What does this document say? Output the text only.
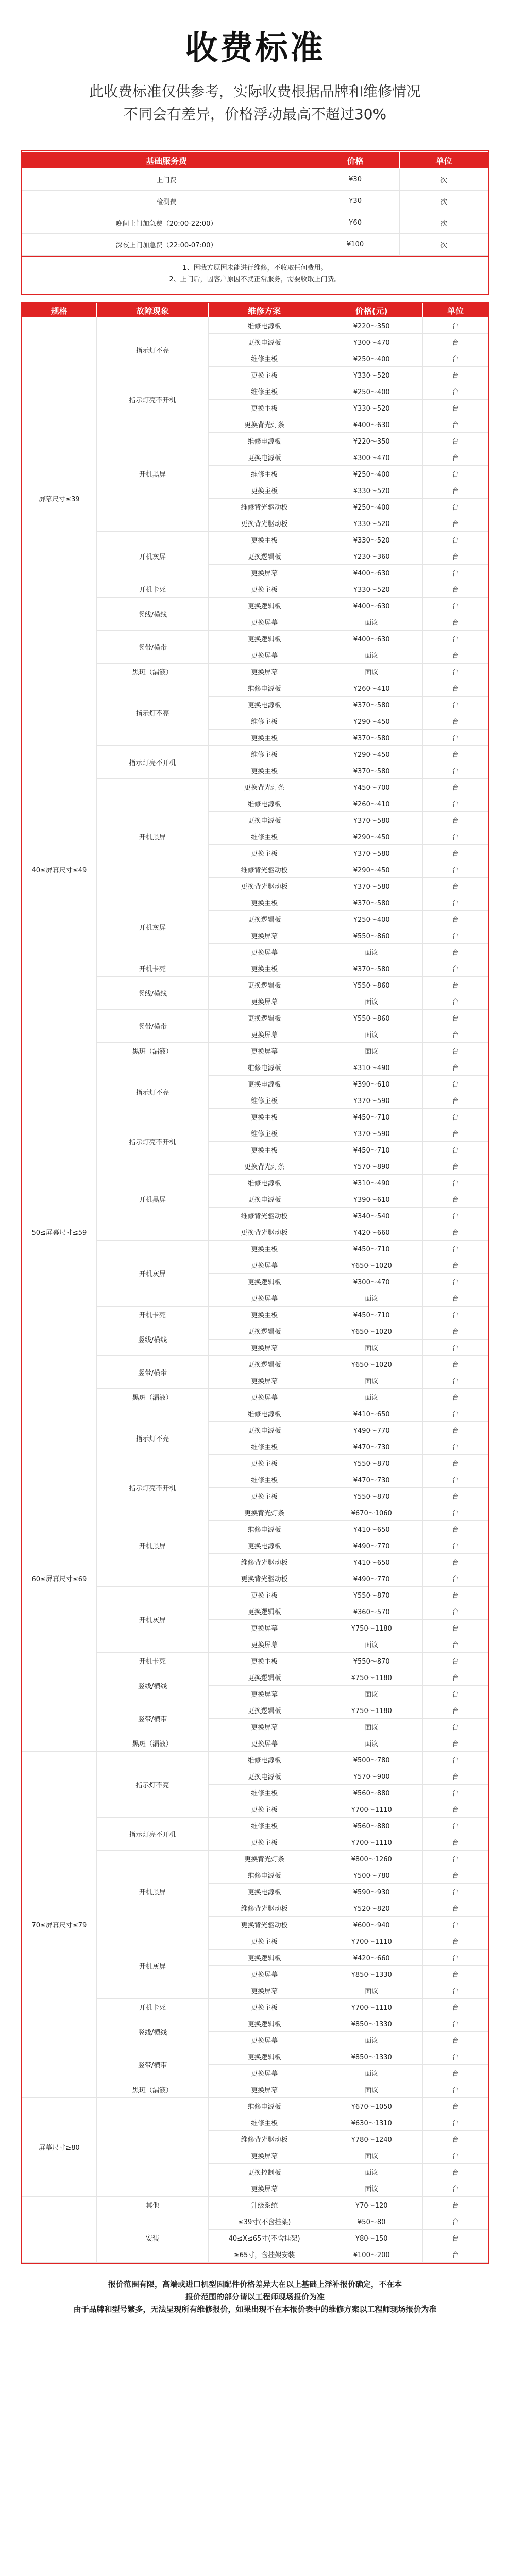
收费标准
此收费标准仅供参考，实际收费根据品牌和维修情况
不同会有差异，价格浮动最高不超过30%
基础服务费	价格	单位
上门费	¥30	次
检测费	¥30	次
晚间上门加急费（20:00-22:00）	¥60	次
深夜上门加急费（22:00-07:00）	¥100	次
1、因我方原因未能进行维修，不收取任何费用。
2、上门后，因客户原因不就正常服务，需要收取上门费。
规格	故障现象	维修方案	价格(元)	单位
屏幕尺寸≤39	指示灯不亮	维修电源板	¥220～350	台
		更换电源板	¥300～470	台
		维修主板	¥250～400	台
		更换主板	¥330～520	台
	指示灯亮不开机	维修主板	¥250～400	台
		更换主板	¥330～520	台
	开机黑屏	更换背光灯条	¥400～630	台
		维修电源板	¥220～350	台
		更换电源板	¥300～470	台
		维修主板	¥250～400	台
		更换主板	¥330～520	台
		维修背光驱动板	¥250～400	台
		更换背光驱动板	¥330～520	台
	开机灰屏	更换主板	¥330～520	台
		更换逻辑板	¥230～360	台
		更换屏幕	¥400～630	台
	开机卡死	更换主板	¥330～520	台
	竖线/横线	更换逻辑板	¥400～630	台
		更换屏幕	面议	台
	竖带/横带	更换逻辑板	¥400～630	台
		更换屏幕	面议	台
	黑斑（漏液）	更换屏幕	面议	台
40≤屏幕尺寸≤49	指示灯不亮	维修电源板	¥260～410	台
		更换电源板	¥370～580	台
		维修主板	¥290～450	台
		更换主板	¥370～580	台
	指示灯亮不开机	维修主板	¥290～450	台
		更换主板	¥370～580	台
	开机黑屏	更换背光灯条	¥450～700	台
		维修电源板	¥260～410	台
		更换电源板	¥370～580	台
		维修主板	¥290～450	台
		更换主板	¥370～580	台
		维修背光驱动板	¥290～450	台
		更换背光驱动板	¥370～580	台
	开机灰屏	更换主板	¥370～580	台
		更换逻辑板	¥250～400	台
		更换屏幕	¥550～860	台
		更换屏幕	面议	台
	开机卡死	更换主板	¥370～580	台
	竖线/横线	更换逻辑板	¥550～860	台
		更换屏幕	面议	台
	竖带/横带	更换逻辑板	¥550～860	台
		更换屏幕	面议	台
	黑斑（漏液）	更换屏幕	面议	台
50≤屏幕尺寸≤59	指示灯不亮	维修电源板	¥310～490	台
		更换电源板	¥390～610	台
		维修主板	¥370～590	台
		更换主板	¥450～710	台
	指示灯亮不开机	维修主板	¥370～590	台
		更换主板	¥450～710	台
	开机黑屏	更换背光灯条	¥570～890	台
		维修电源板	¥310～490	台
		更换电源板	¥390～610	台
		维修背光驱动板	¥340～540	台
		更换背光驱动板	¥420～660	台
	开机灰屏	更换主板	¥450～710	台
		更换屏幕	¥650～1020	台
		更换逻辑板	¥300～470	台
		更换屏幕	面议	台
	开机卡死	更换主板	¥450～710	台
	竖线/横线	更换逻辑板	¥650～1020	台
		更换屏幕	面议	台
	竖带/横带	更换逻辑板	¥650～1020	台
		更换屏幕	面议	台
	黑斑（漏液）	更换屏幕	面议	台
60≤屏幕尺寸≤69	指示灯不亮	维修电源板	¥410～650	台
		更换电源板	¥490～770	台
		维修主板	¥470～730	台
		更换主板	¥550～870	台
	指示灯亮不开机	维修主板	¥470～730	台
		更换主板	¥550～870	台
	开机黑屏	更换背光灯条	¥670～1060	台
		维修电源板	¥410～650	台
		更换电源板	¥490～770	台
		维修背光驱动板	¥410～650	台
		更换背光驱动板	¥490～770	台
	开机灰屏	更换主板	¥550～870	台
		更换逻辑板	¥360～570	台
		更换屏幕	¥750～1180	台
		更换屏幕	面议	台
	开机卡死	更换主板	¥550～870	台
	竖线/横线	更换逻辑板	¥750～1180	台
		更换屏幕	面议	台
	竖带/横带	更换逻辑板	¥750～1180	台
		更换屏幕	面议	台
	黑斑（漏液）	更换屏幕	面议	台
70≤屏幕尺寸≤79	指示灯不亮	维修电源板	¥500～780	台
		更换电源板	¥570～900	台
		维修主板	¥560～880	台
		更换主板	¥700～1110	台
	指示灯亮不开机	维修主板	¥560～880	台
		更换主板	¥700～1110	台
	开机黑屏	更换背光灯条	¥800～1260	台
		维修电源板	¥500～780	台
		更换电源板	¥590～930	台
		维修背光驱动板	¥520～820	台
		更换背光驱动板	¥600～940	台
	开机灰屏	更换主板	¥700～1110	台
		更换逻辑板	¥420～660	台
		更换屏幕	¥850～1330	台
		更换屏幕	面议	台
	开机卡死	更换主板	¥700～1110	台
	竖线/横线	更换逻辑板	¥850～1330	台
		更换屏幕	面议	台
	竖带/横带	更换逻辑板	¥850～1330	台
		更换屏幕	面议	台
	黑斑（漏液）	更换屏幕	面议	台
屏幕尺寸≥80		维修电源板	¥670～1050	台
		维修主板	¥630～1310	台
		维修背光驱动板	¥780～1240	台
		更换屏幕	面议	台
		更换控制板	面议	台
		更换屏幕	面议	台
	其他	升级系统	¥70～120	台
	安装	≤39寸(不含挂架)	¥50～80	台
		40≤X≤65寸(不含挂架)	¥80～150	台
		≥65寸，含挂架安装	¥100～200	台
报价范围有限，高端或进口机型因配件价格差异大在以上基础上浮补报价确定，不在本
报价范围的部分请以工程师现场报价为准
由于品牌和型号繁多，无法呈现所有维修报价，如果出现不在本报价表中的维修方案以工程师现场报价为准
